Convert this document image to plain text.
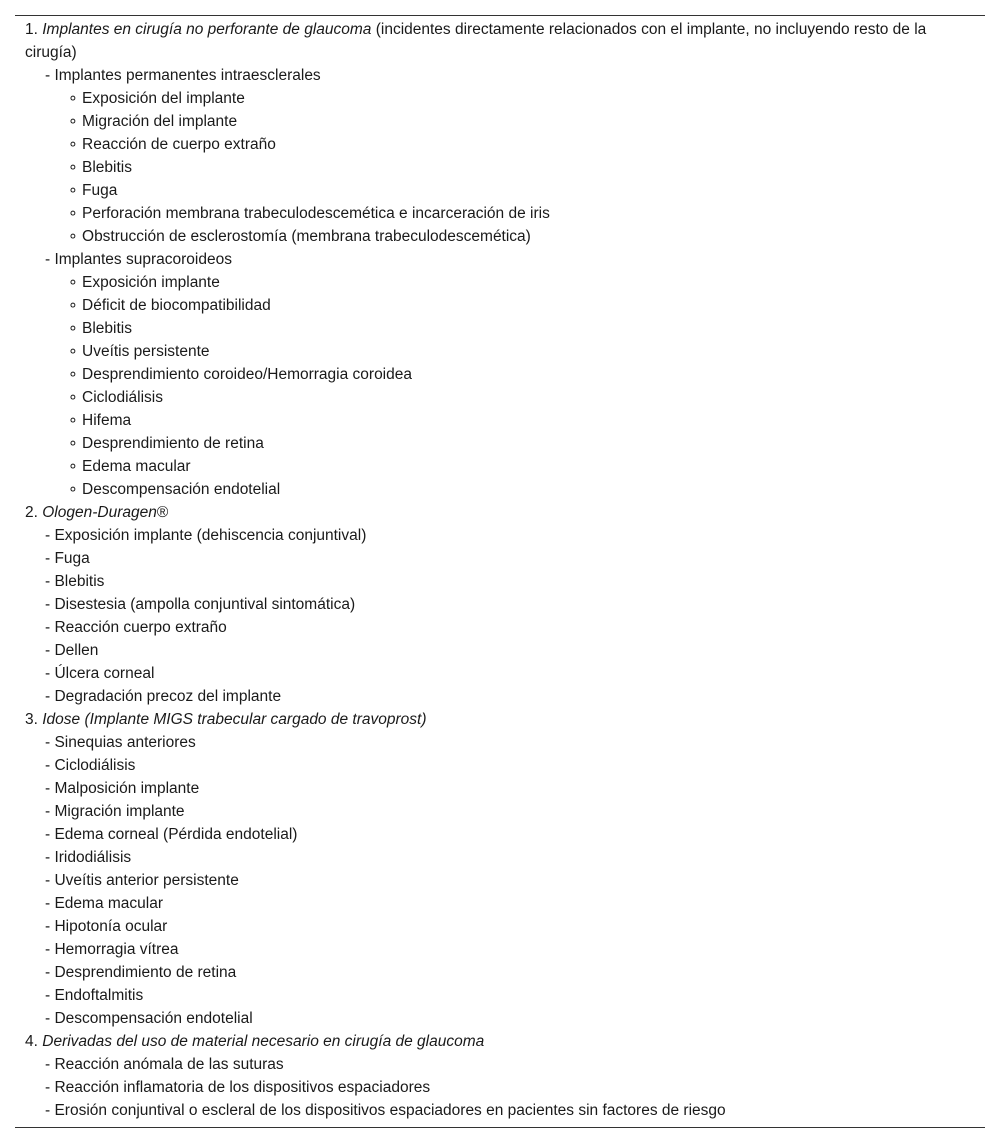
1. Implantes en cirugía no perforante de glaucoma (incidentes directamente relacionados con el implante, no incluyendo resto de la cirugía)
- Implantes permanentes intraesclerales
∘ Exposición del implante
∘ Migración del implante
∘ Reacción de cuerpo extraño
∘ Blebitis
∘ Fuga
∘ Perforación membrana trabeculodescemética e incarceración de iris
∘ Obstrucción de esclerostomía (membrana trabeculodescemética)
- Implantes supracoroideos
∘ Exposición implante
∘ Déficit de biocompatibilidad
∘ Blebitis
∘ Uveítis persistente
∘ Desprendimiento coroideo/Hemorragia coroidea
∘ Ciclodiálisis
∘ Hifema
∘ Desprendimiento de retina
∘ Edema macular
∘ Descompensación endotelial
2. Ologen-Duragen®
- Exposición implante (dehiscencia conjuntival)
- Fuga
- Blebitis
- Disestesia (ampolla conjuntival sintomática)
- Reacción cuerpo extraño
- Dellen
- Úlcera corneal
- Degradación precoz del implante
3. Idose (Implante MIGS trabecular cargado de travoprost)
- Sinequias anteriores
- Ciclodiálisis
- Malposición implante
- Migración implante
- Edema corneal (Pérdida endotelial)
- Iridodiálisis
- Uveítis anterior persistente
- Edema macular
- Hipotonía ocular
- Hemorragia vítrea
- Desprendimiento de retina
- Endoftalmitis
- Descompensación endotelial
4. Derivadas del uso de material necesario en cirugía de glaucoma
- Reacción anómala de las suturas
- Reacción inflamatoria de los dispositivos espaciadores
- Erosión conjuntival o escleral de los dispositivos espaciadores en pacientes sin factores de riesgo
